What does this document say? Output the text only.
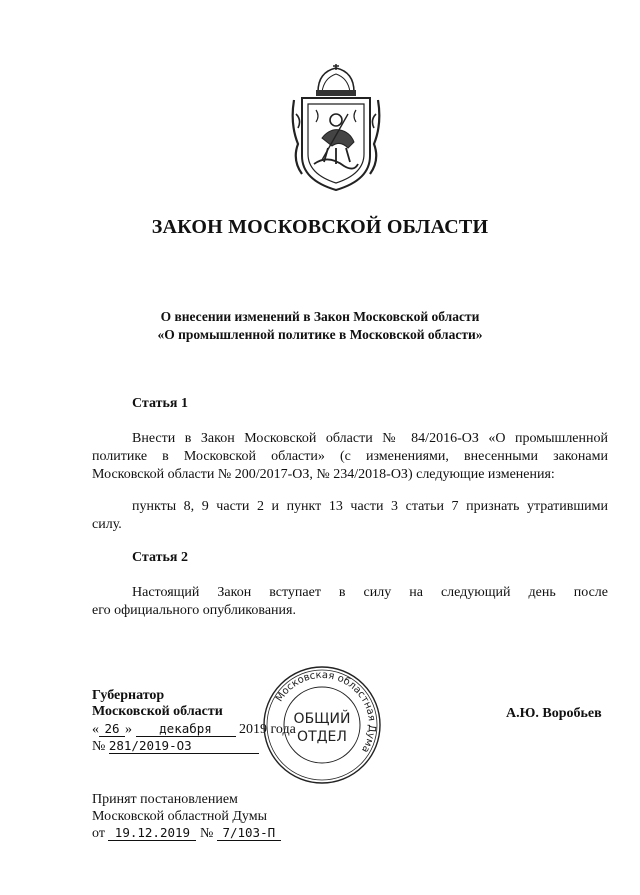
ЗАКОН МОСКОВСКОЙ ОБЛАСТИ
О внесении изменений в Закон Московской области
«О промышленной политике в Московской области»
Статья 1
Внести в Закон Московской области № 84/2016-ОЗ «О промышленной
политике в Московской области» (с изменениями, внесенными законами
Московской области № 200/2017-ОЗ, № 234/2018-ОЗ) следующие изменения:
пункты 8, 9 части 2 и пункт 13 части 3 статьи 7 признать утратившими
силу.
Статья 2
Настоящий Закон вступает в силу на следующий день после
его официального опубликования.
Губернатор
Московской области	А.Ю. Воробьев
« 26 » декабря 2019 года
№ 281/2019-ОЗ
Принят постановлением
Московской областной Думы
от 19.12.2019 № 7/103-П
Московская областная Дума
ОБЩИЙ
ОТДЕЛ
